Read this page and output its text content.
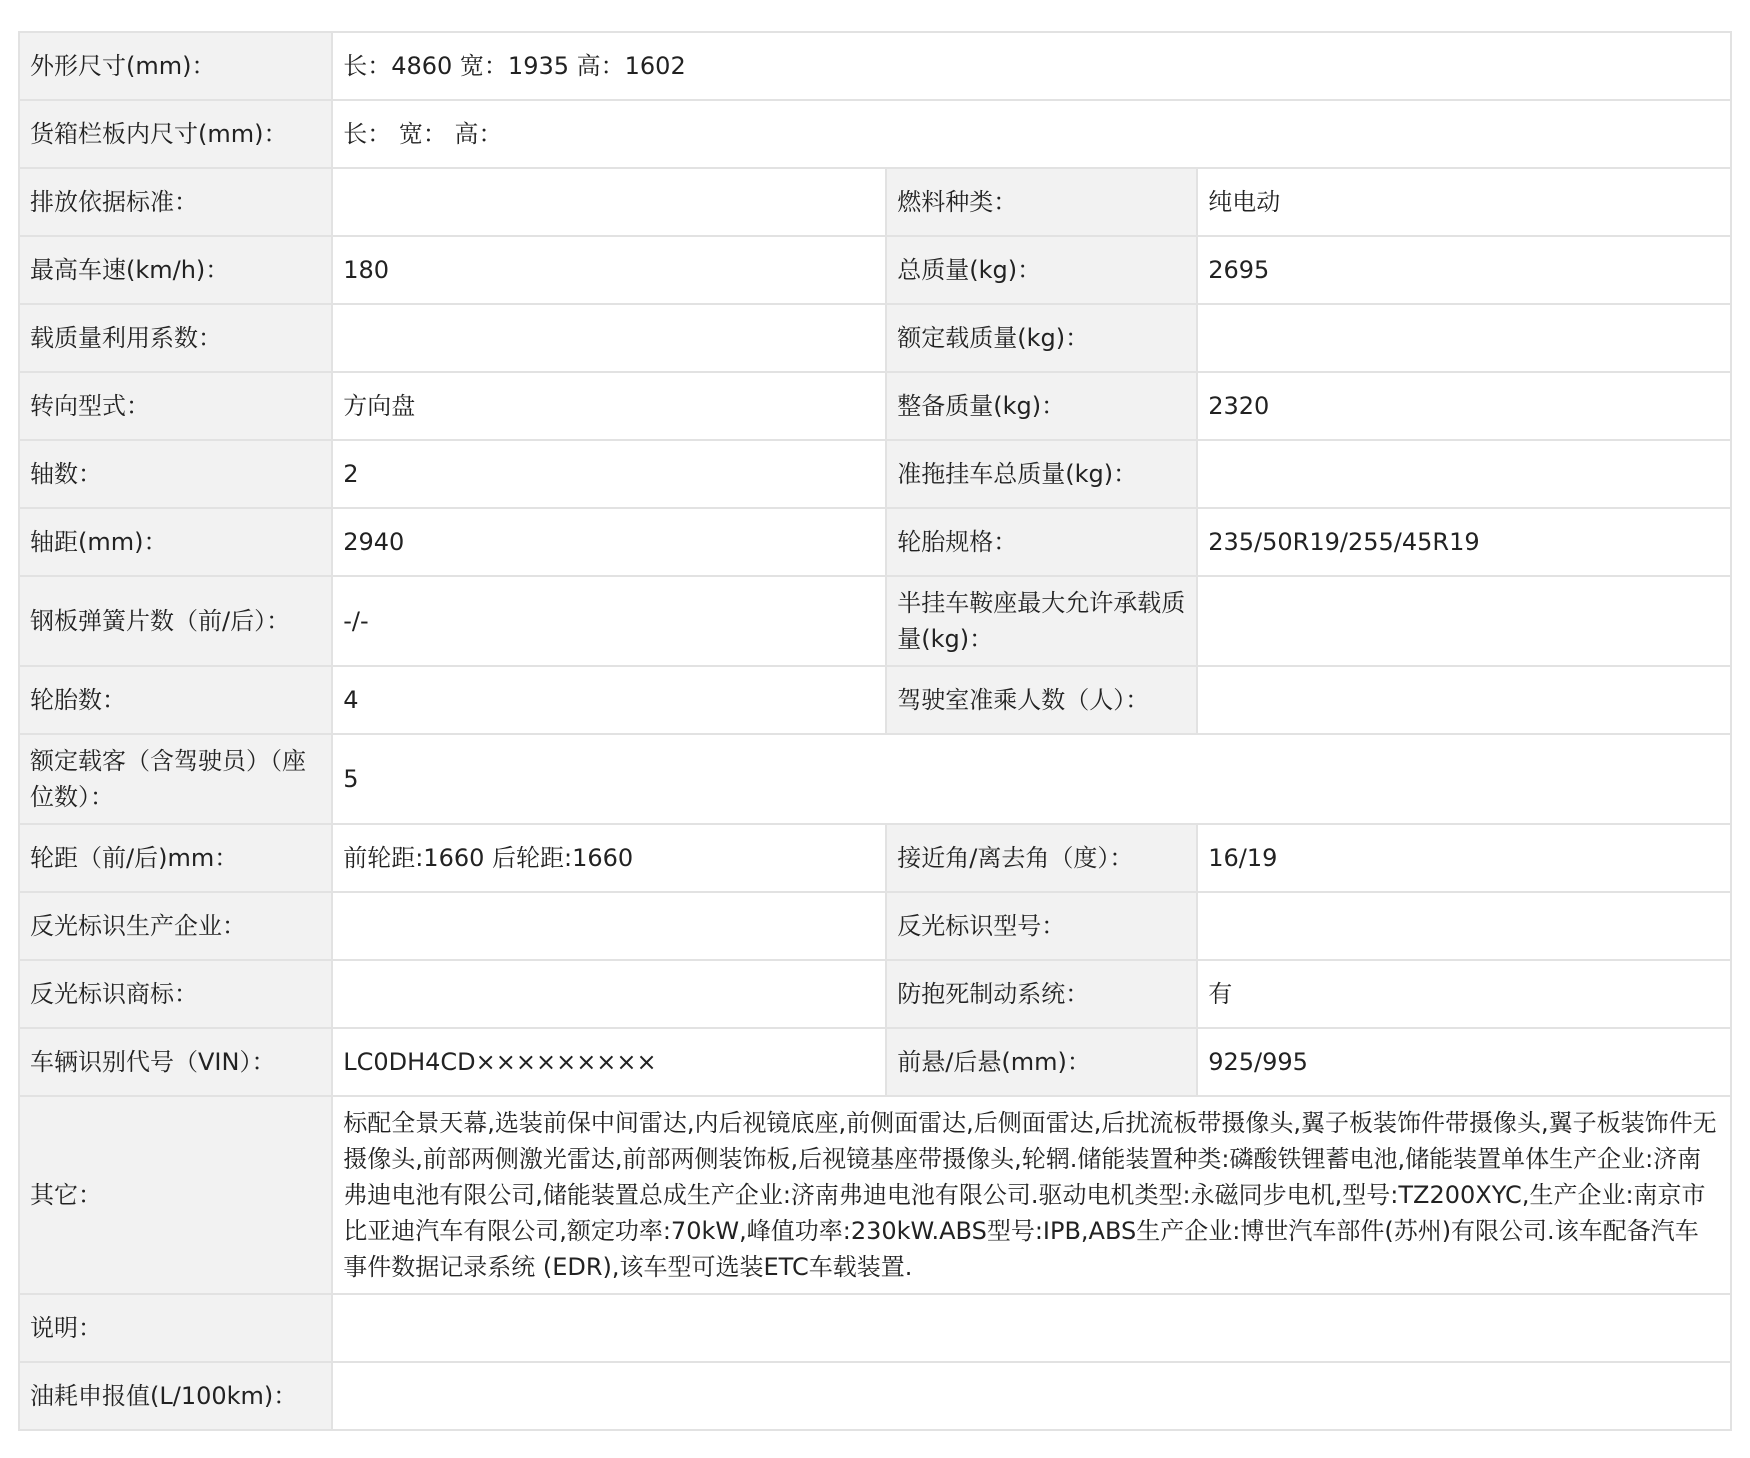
外形尺寸(mm)：	长：4860 宽：1935 高：1602		
货箱栏板内尺寸(mm)：	长： 宽： 高：		
排放依据标准：		燃料种类：	纯电动
最高车速(km/h)：	180	总质量(kg)：	2695
载质量利用系数：		额定载质量(kg)：	
转向型式：	方向盘	整备质量(kg)：	2320
轴数：	2	准拖挂车总质量(kg)：	
轴距(mm)：	2940	轮胎规格：	235/50R19/255/45R19
钢板弹簧片数（前/后）：	-/-	半挂车鞍座最大允许承载质量(kg)：	
轮胎数：	4	驾驶室准乘人数（人）：	
额定载客（含驾驶员）（座位数）：	5		
轮距（前/后)mm：	前轮距:1660 后轮距:1660	接近角/离去角（度）：	16/19
反光标识生产企业：		反光标识型号：	
反光标识商标：		防抱死制动系统：	有
车辆识别代号（VIN）：	LC0DH4CD×××××××××	前悬/后悬(mm)：	925/995
其它：	标配全景天幕,选装前保中间雷达,内后视镜底座,前侧面雷达,后侧面雷达,后扰流板带摄像头,翼子板装饰件带摄像头,翼子板装饰件无摄像头,前部两侧激光雷达,前部两侧装饰板,后视镜基座带摄像头,轮辋.储能装置种类:磷酸铁锂蓄电池,储能装置单体生产企业:济南弗迪电池有限公司,储能装置总成生产企业:济南弗迪电池有限公司.驱动电机类型:永磁同步电机,型号:TZ200XYC,生产企业:南京市比亚迪汽车有限公司,额定功率:70kW,峰值功率:230kW.ABS型号:IPB,ABS生产企业:博世汽车部件(苏州)有限公司.该车配备汽车事件数据记录系统 (EDR),该车型可选装ETC车载装置.		
说明：			
油耗申报值(L/100km)：			
